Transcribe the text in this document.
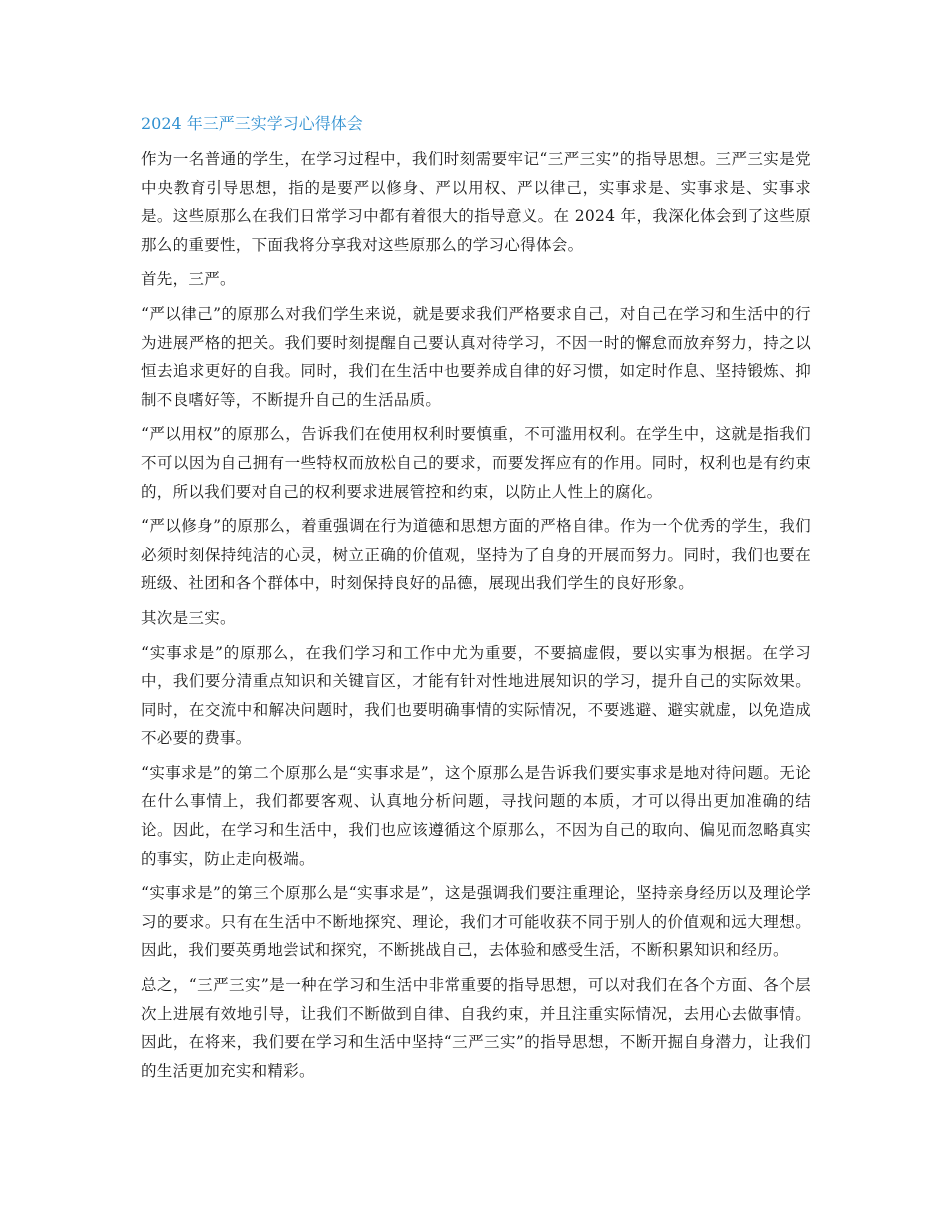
2024 年三严三实学习心得体会

作为一名普通的学生，在学习过程中，我们时刻需要牢记“三严三实”的指导思想。三严三实是党中央教育引导思想，指的是要严以修身、严以用权、严以律己，实事求是、实事求是、实事求是。这些原那么在我们日常学习中都有着很大的指导意义。在 2024 年，我深化体会到了这些原那么的重要性，下面我将分享我对这些原那么的学习心得体会。

首先，三严。

“严以律己”的原那么对我们学生来说，就是要求我们严格要求自己，对自己在学习和生活中的行为进展严格的把关。我们要时刻提醒自己要认真对待学习，不因一时的懈怠而放弃努力，持之以恒去追求更好的自我。同时，我们在生活中也要养成自律的好习惯，如定时作息、坚持锻炼、抑制不良嗜好等，不断提升自己的生活品质。

“严以用权”的原那么，告诉我们在使用权利时要慎重，不可滥用权利。在学生中，这就是指我们不可以因为自己拥有一些特权而放松自己的要求，而要发挥应有的作用。同时，权利也是有约束的，所以我们要对自己的权利要求进展管控和约束，以防止人性上的腐化。

“严以修身”的原那么，着重强调在行为道德和思想方面的严格自律。作为一个优秀的学生，我们必须时刻保持纯洁的心灵，树立正确的价值观，坚持为了自身的开展而努力。同时，我们也要在班级、社团和各个群体中，时刻保持良好的品德，展现出我们学生的良好形象。

其次是三实。

“实事求是”的原那么，在我们学习和工作中尤为重要，不要搞虚假，要以实事为根据。在学习中，我们要分清重点知识和关键盲区，才能有针对性地进展知识的学习，提升自己的实际效果。同时，在交流中和解决问题时，我们也要明确事情的实际情况，不要逃避、避实就虚，以免造成不必要的费事。

“实事求是”的第二个原那么是“实事求是”，这个原那么是告诉我们要实事求是地对待问题。无论在什么事情上，我们都要客观、认真地分析问题，寻找问题的本质，才可以得出更加准确的结论。因此，在学习和生活中，我们也应该遵循这个原那么，不因为自己的取向、偏见而忽略真实的事实，防止走向极端。

“实事求是”的第三个原那么是“实事求是”，这是强调我们要注重理论，坚持亲身经历以及理论学习的要求。只有在生活中不断地探究、理论，我们才可能收获不同于别人的价值观和远大理想。因此，我们要英勇地尝试和探究，不断挑战自己，去体验和感受生活，不断积累知识和经历。

总之，“三严三实”是一种在学习和生活中非常重要的指导思想，可以对我们在各个方面、各个层次上进展有效地引导，让我们不断做到自律、自我约束，并且注重实际情况，去用心去做事情。因此，在将来，我们要在学习和生活中坚持“三严三实”的指导思想，不断开掘自身潜力，让我们的生活更加充实和精彩。
